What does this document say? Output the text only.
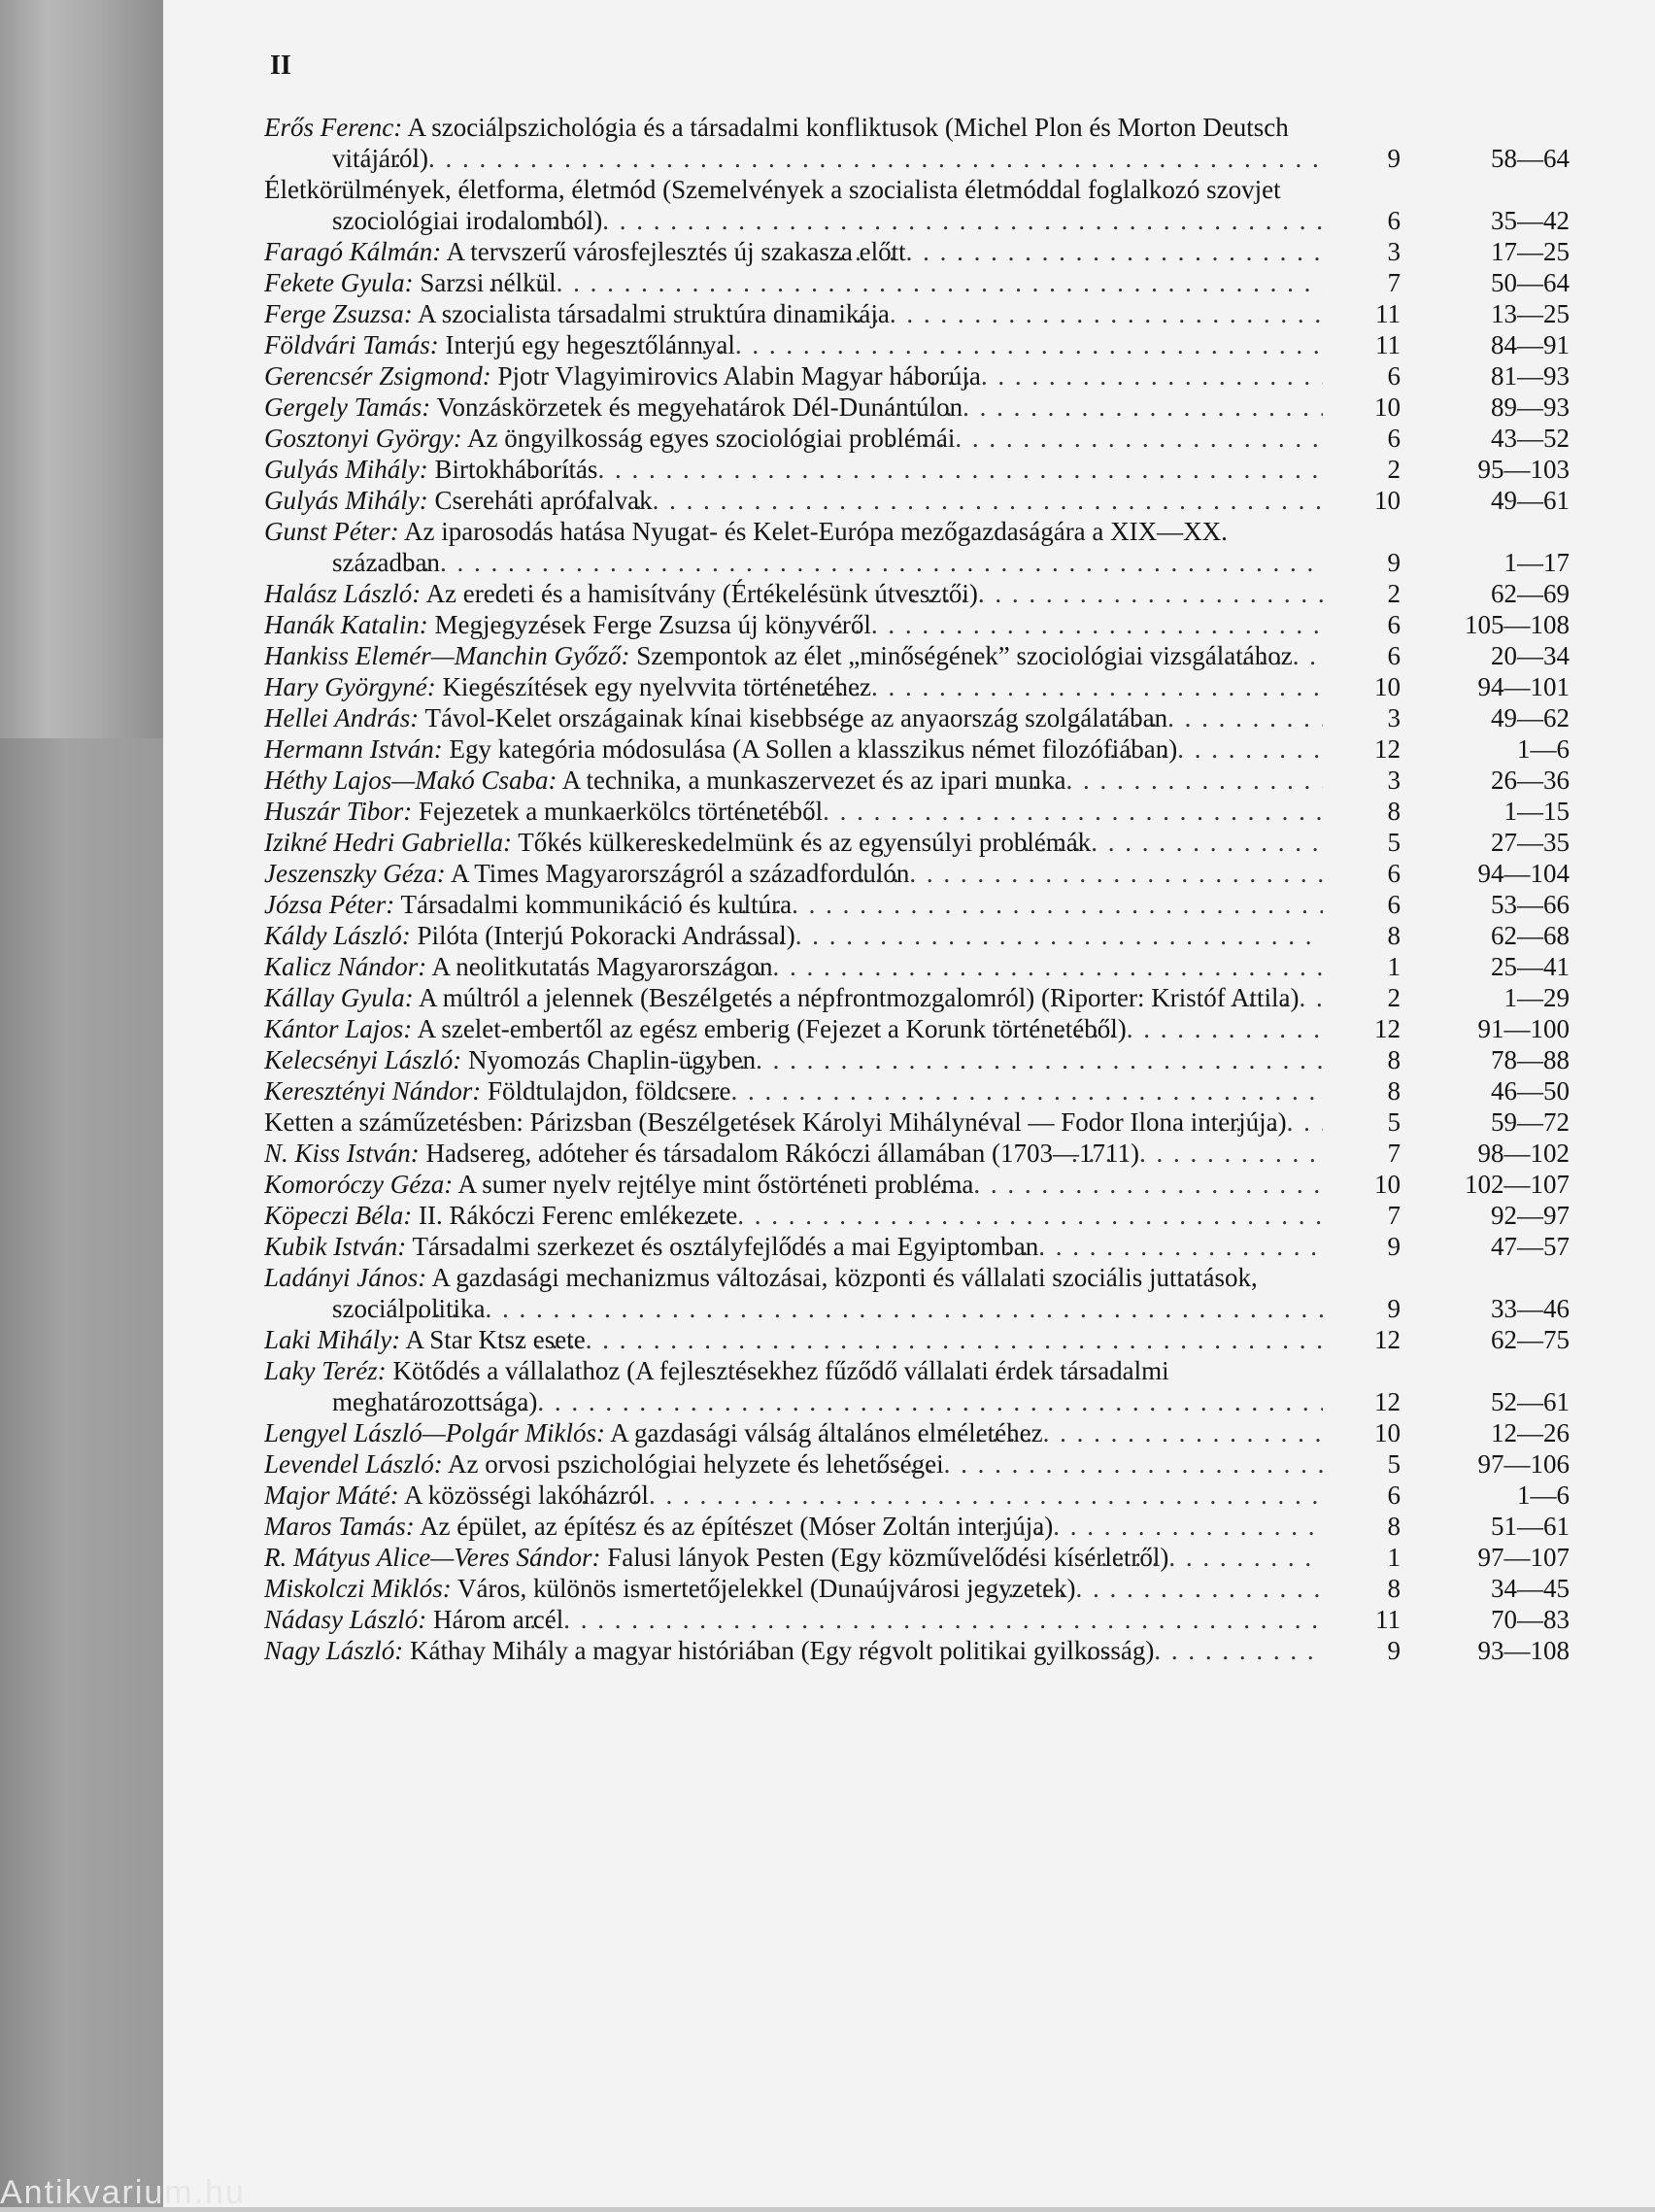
II
Erős Ferenc: A szociálpszichológia és a társadalmi konfliktusok (Michel Plon és Morton Deutsch vitájáról) . . .	9	58—64
Életkörülmények, életforma, életmód (Szemelvények a szocialista életmóddal foglalkozó szovjet szociológiai irodalomból) . . .	6	35—42
Faragó Kálmán: A tervszerű városfejlesztés új szakasza előtt . . .	3	17—25
Fekete Gyula: Sarzsi nélkül . . .	7	50—64
Ferge Zsuzsa: A szocialista társadalmi struktúra dinamikája . . .	11	13—25
Földvári Tamás: Interjú egy hegesztőlánnyal . . .	11	84—91
Gerencsér Zsigmond: Pjotr Vlagyimirovics Alabin Magyar háborúja . . .	6	81—93
Gergely Tamás: Vonzáskörzetek és megyehatárok Dél-Dunántúlon . . .	10	89—93
Gosztonyi György: Az öngyilkosság egyes szociológiai problémái . . .	6	43—52
Gulyás Mihály: Birtokháborítás . . .	2	95—103
Gulyás Mihály: Csereháti aprófalvak . . .	10	49—61
Gunst Péter: Az iparosodás hatása Nyugat- és Kelet-Európa mezőgazdaságára a XIX—XX. században . . .	9	1—17
Halász László: Az eredeti és a hamisítvány (Értékelésünk útvesztői) . . .	2	62—69
Hanák Katalin: Megjegyzések Ferge Zsuzsa új könyvéről . . .	6	105—108
Hankiss Elemér—Manchin Győző: Szempontok az élet „minőségének” szociológiai vizsgálatához . . .	6	20—34
Hary Györgyné: Kiegészítések egy nyelvvita történetéhez . . .	10	94—101
Hellei András: Távol-Kelet országainak kínai kisebbsége az anyaország szolgálatában . . .	3	49—62
Hermann István: Egy kategória módosulása (A Sollen a klasszikus német filozófiában) . . .	12	1—6
Héthy Lajos—Makó Csaba: A technika, a munkaszervezet és az ipari munka . . .	3	26—36
Huszár Tibor: Fejezetek a munkaerkölcs történetéből . . .	8	1—15
Izikné Hedri Gabriella: Tőkés külkereskedelmünk és az egyensúlyi problémák . . .	5	27—35
Jeszenszky Géza: A Times Magyarországról a századfordulón . . .	6	94—104
Józsa Péter: Társadalmi kommunikáció és kultúra . . .	6	53—66
Káldy László: Pilóta (Interjú Pokoracki Andrással) . . .	8	62—68
Kalicz Nándor: A neolitkutatás Magyarországon . . .	1	25—41
Kállay Gyula: A múltról a jelennek (Beszélgetés a népfrontmozgalomról) (Riporter: Kristóf Attila) . . .	2	1—29
Kántor Lajos: A szelet-embertől az egész emberig (Fejezet a Korunk történetéből) . . .	12	91—100
Kelecsényi László: Nyomozás Chaplin-ügyben . . .	8	78—88
Keresztényi Nándor: Földtulajdon, földcsere . . .	8	46—50
Ketten a száműzetésben: Párizsban (Beszélgetések Károlyi Mihálynéval — Fodor Ilona interjúja) . . .	5	59—72
N. Kiss István: Hadsereg, adóteher és társadalom Rákóczi államában (1703—1711) . . .	7	98—102
Komoróczy Géza: A sumer nyelv rejtélye mint őstörténeti probléma . . .	10	102—107
Köpeczi Béla: II. Rákóczi Ferenc emlékezete . . .	7	92—97
Kubik István: Társadalmi szerkezet és osztályfejlődés a mai Egyiptomban . . .	9	47—57
Ladányi János: A gazdasági mechanizmus változásai, központi és vállalati szociális juttatások, szociálpolitika . . .	9	33—46
Laki Mihály: A Star Ktsz esete . . .	12	62—75
Laky Teréz: Kötődés a vállalathoz (A fejlesztésekhez fűződő vállalati érdek társadalmi meghatározottsága) . . .	12	52—61
Lengyel László—Polgár Miklós: A gazdasági válság általános elméletéhez . . .	10	12—26
Levendel László: Az orvosi pszichológiai helyzete és lehetőségei . . .	5	97—106
Major Máté: A közösségi lakóházról . . .	6	1—6
Maros Tamás: Az épület, az építész és az építészet (Móser Zoltán interjúja) . . .	8	51—61
R. Mátyus Alice—Veres Sándor: Falusi lányok Pesten (Egy közművelődési kísérletről) . . .	1	97—107
Miskolczi Miklós: Város, különös ismertetőjelekkel (Dunaújvárosi jegyzetek) . . .	8	34—45
Nádasy László: Három arcél . . .	11	70—83
Nagy László: Káthay Mihály a magyar históriában (Egy régvolt politikai gyilkosság) . . .	9	93—108
Antikvarium.hu
